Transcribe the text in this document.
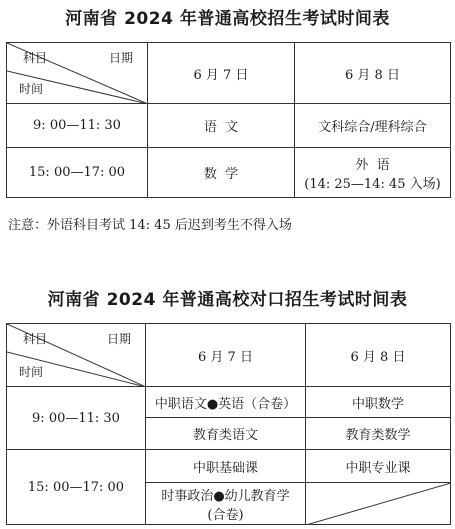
河南省 2024 年普通高校招生考试时间表
科目 日期
时间	6 月 7 日	6 月 8 日
9: 00—11: 30	语  文	文科综合/理科综合
15: 00—17: 00	数  学	外  语
(14: 25—14: 45 入场)
注意：外语科目考试 14: 45 后迟到考生不得入场
河南省 2024 年普通高校对口招生考试时间表
科目 日期
时间	6 月 7 日	6 月 8 日
9: 00—11: 30	中职语文●英语（合卷）	中职数学
	教育类语文	教育类数学
15: 00—17: 00	中职基础课	中职专业课

	时事政治●幼儿教育学
(合卷)
